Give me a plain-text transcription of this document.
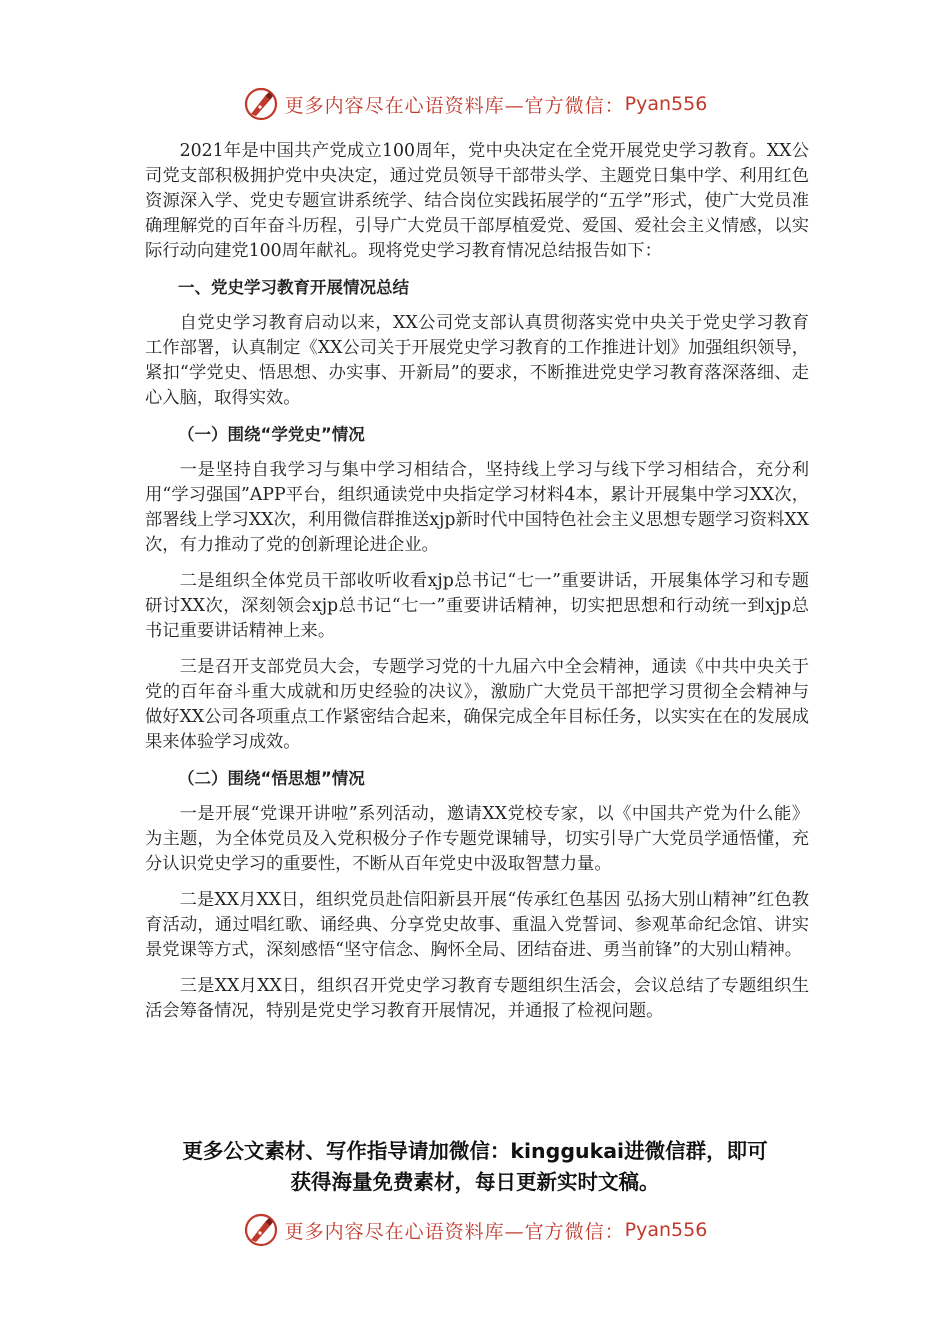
更多内容尽在心语资料库—官方微信： Pyan556

2021年是中国共产党成立100周年，党中央决定在全党开展党史学习教育。XX公司党支部积极拥护党中央决定，通过党员领导干部带头学、主题党日集中学、利用红色资源深入学、党史专题宣讲系统学、结合岗位实践拓展学的“五学”形式，使广大党员准确理解党的百年奋斗历程，引导广大党员干部厚植爱党、爱国、爱社会主义情感，以实际行动向建党100周年献礼。现将党史学习教育情况总结报告如下：

一、党史学习教育开展情况总结

自党史学习教育启动以来，XX公司党支部认真贯彻落实党中央关于党史学习教育工作部署，认真制定《XX公司关于开展党史学习教育的工作推进计划》加强组织领导，紧扣“学党史、悟思想、办实事、开新局”的要求，不断推进党史学习教育落深落细、走心入脑，取得实效。

（一）围绕“学党史”情况

一是坚持自我学习与集中学习相结合，坚持线上学习与线下学习相结合，充分利用“学习强国”APP平台，组织通读党中央指定学习材料4本，累计开展集中学习XX次，部署线上学习XX次，利用微信群推送xjp新时代中国特色社会主义思想专题学习资料XX次，有力推动了党的创新理论进企业。

二是组织全体党员干部收听收看xjp总书记“七一”重要讲话，开展集体学习和专题研讨XX次，深刻领会xjp总书记“七一”重要讲话精神，切实把思想和行动统一到xjp总书记重要讲话精神上来。

三是召开支部党员大会，专题学习党的十九届六中全会精神，通读《中共中央关于党的百年奋斗重大成就和历史经验的决议》，激励广大党员干部把学习贯彻全会精神与做好XX公司各项重点工作紧密结合起来，确保完成全年目标任务，以实实在在的发展成果来体验学习成效。

（二）围绕“悟思想”情况

一是开展“党课开讲啦”系列活动，邀请XX党校专家，以《中国共产党为什么能》为主题，为全体党员及入党积极分子作专题党课辅导，切实引导广大党员学通悟懂，充分认识党史学习的重要性，不断从百年党史中汲取智慧力量。

二是XX月XX日，组织党员赴信阳新县开展“传承红色基因 弘扬大别山精神”红色教育活动，通过唱红歌、诵经典、分享党史故事、重温入党誓词、参观革命纪念馆、讲实景党课等方式，深刻感悟“坚守信念、胸怀全局、团结奋进、勇当前锋”的大别山精神。

三是XX月XX日，组织召开党史学习教育专题组织生活会，会议总结了专题组织生活会筹备情况，特别是党史学习教育开展情况，并通报了检视问题。

更多公文素材、写作指导请加微信：kinggukai进微信群，即可
获得海量免费素材，每日更新实时文稿。
更多内容尽在心语资料库—官方微信： Pyan556
